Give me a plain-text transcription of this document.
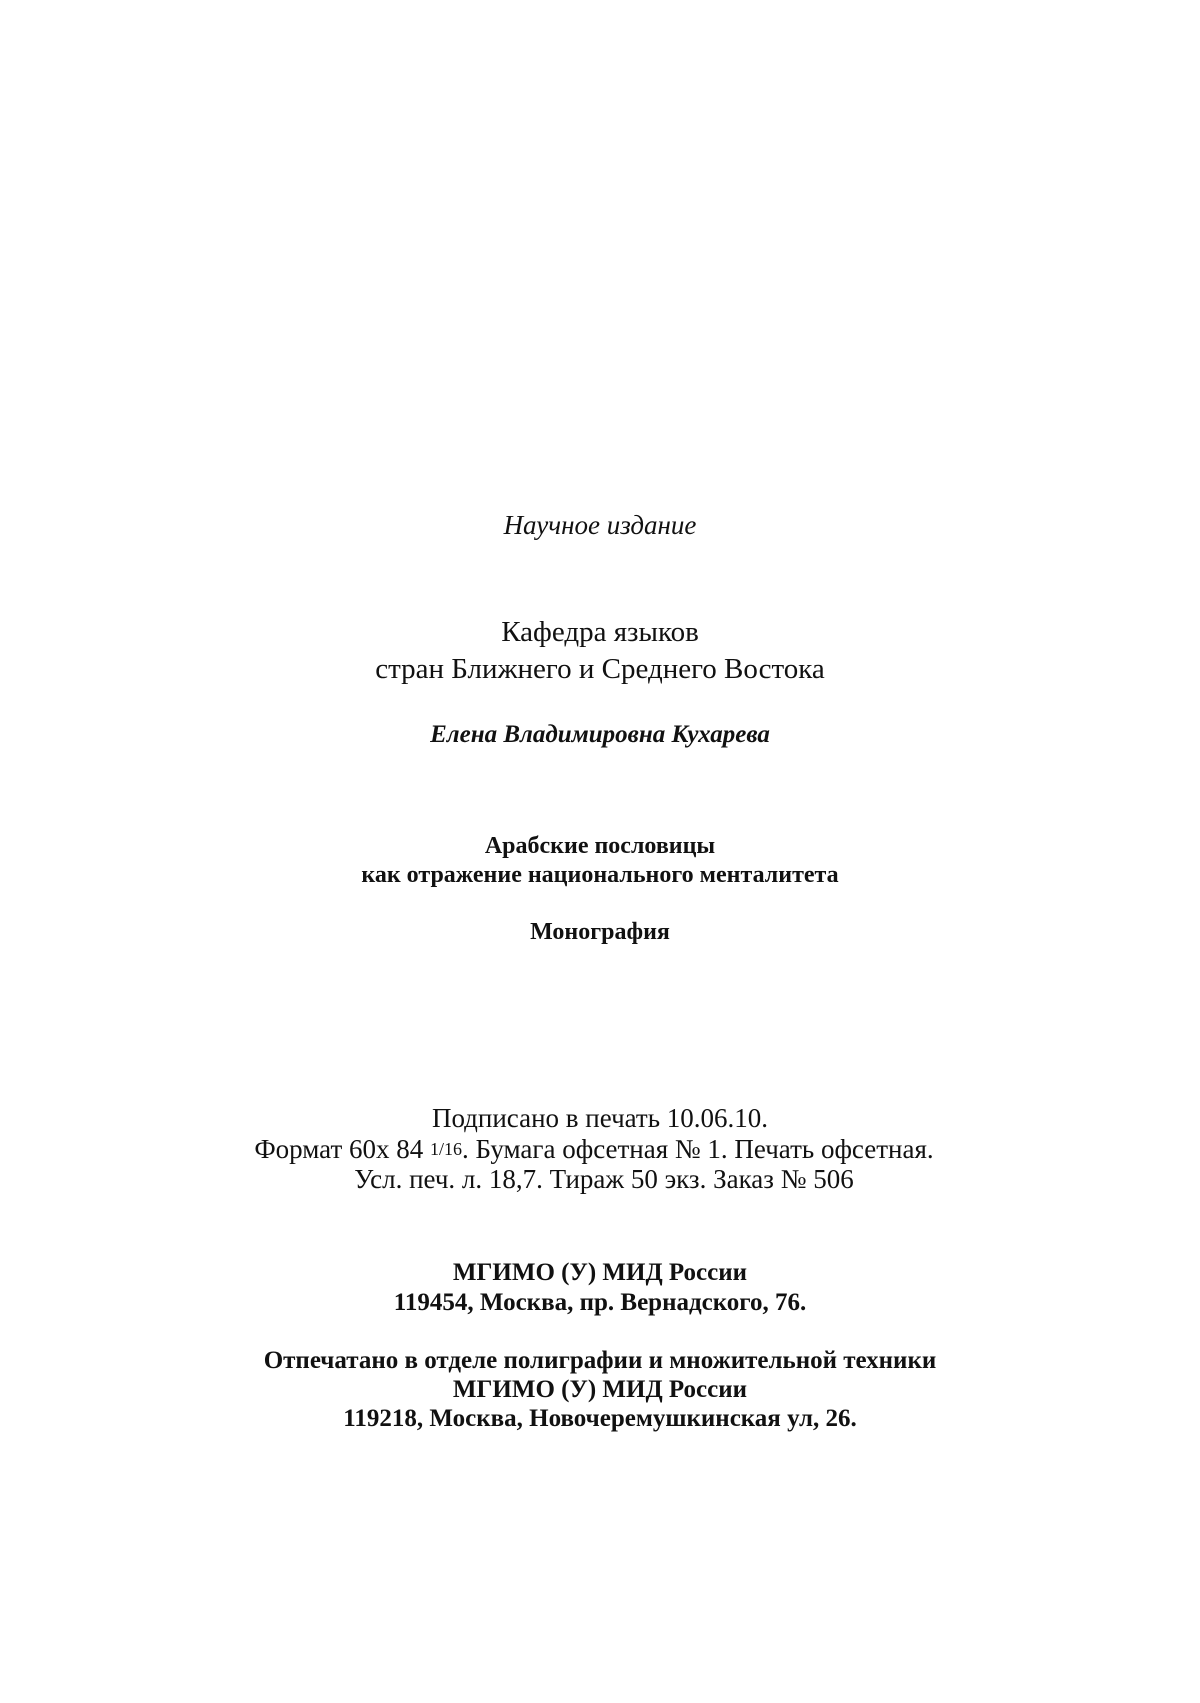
Научное издание
Кафедра языков
стран Ближнего и Среднего Востока
Елена Владимировна Кухарева
Арабские пословицы
как отражение национального менталитета
Монография
Подписано в печать 10.06.10.
Формат 60х 84 1/16. Бумага офсетная № 1. Печать офсетная.
Усл. печ. л. 18,7. Тираж 50 экз. Заказ № 506
МГИМО (У) МИД России
119454, Москва, пр. Вернадского, 76.
Отпечатано в отделе полиграфии и множительной техники
МГИМО (У) МИД России
119218, Москва, Новочеремушкинская ул, 26.
